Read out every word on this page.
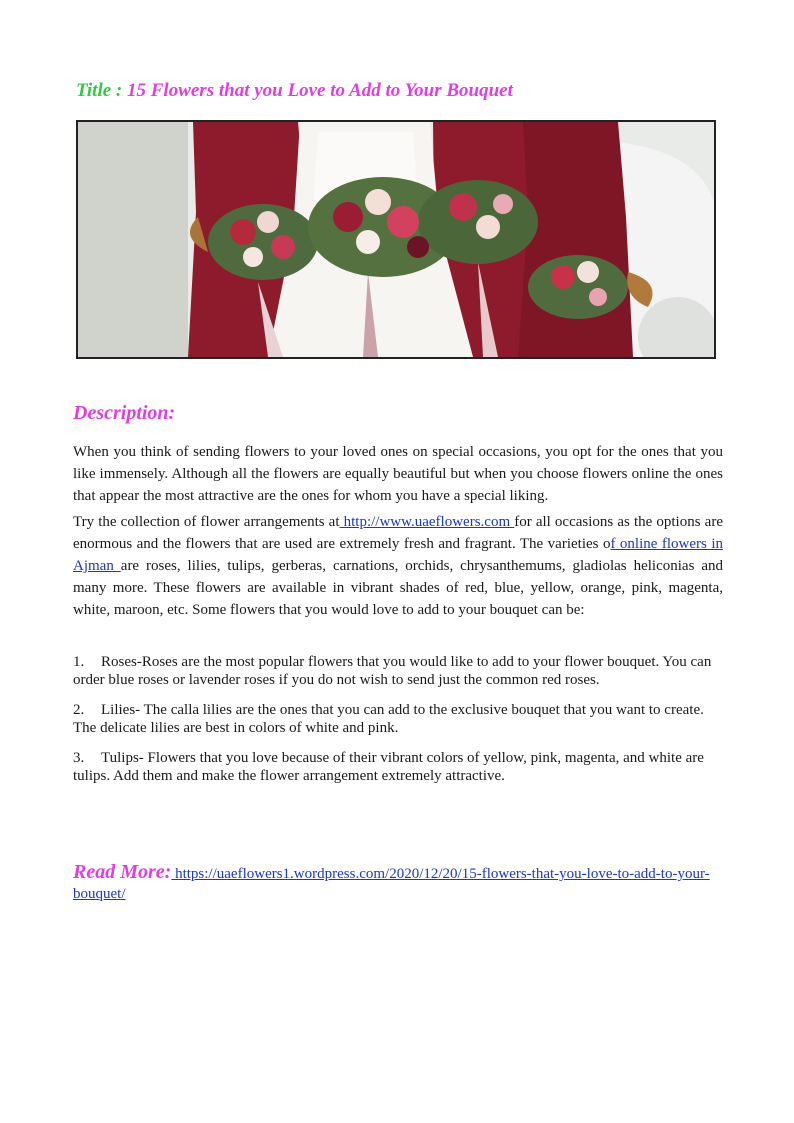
Title : 15 Flowers that you Love to Add to Your Bouquet
Description:
When you think of sending flowers to your loved ones on special occasions, you opt for the ones that you like immensely. Although all the flowers are equally beautiful but when you choose flowers online the ones that appear the most attractive are the ones for whom you have a special liking.
Try the collection of flower arrangements at http://www.uaeflowers.com for all occasions as the options are enormous and the flowers that are used are extremely fresh and fragrant. The varieties of online flowers in Ajman are roses, lilies, tulips, gerberas, carnations, orchids, chrysanthemums, gladiolas heliconias and many more. These flowers are available in vibrant shades of red, blue, yellow, orange, pink, magenta, white, maroon, etc. Some flowers that you would love to add to your bouquet can be:
1. Roses-Roses are the most popular flowers that you would like to add to your flower bouquet. You can order blue roses or lavender roses if you do not wish to send just the common red roses.
2. Lilies- The calla lilies are the ones that you can add to the exclusive bouquet that you want to create. The delicate lilies are best in colors of white and pink.
3. Tulips- Flowers that you love because of their vibrant colors of yellow, pink, magenta, and white are tulips. Add them and make the flower arrangement extremely attractive.
Read More: https://uaeflowers1.wordpress.com/2020/12/20/15-flowers-that-you-love-to-add-to-your-bouquet/
